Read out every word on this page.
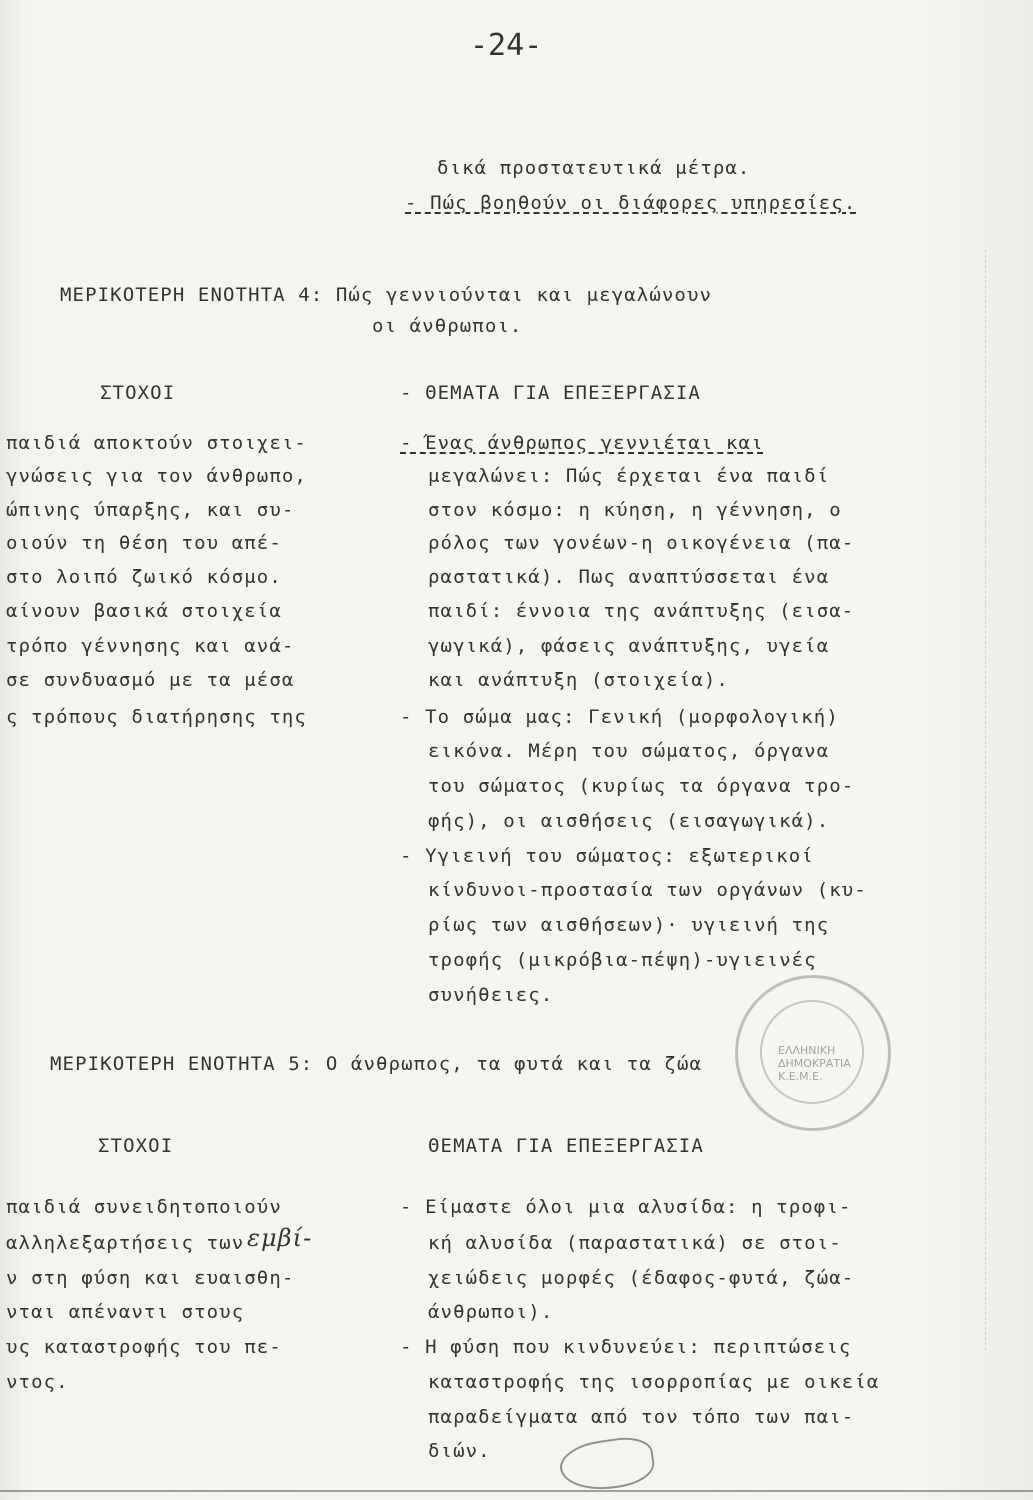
-24-
δικά προστατευτικά μέτρα.
- Πώς βοηθούν οι διάφορες υπηρεσίες.
ΜΕΡΙΚΟΤΕΡΗ ΕΝΟΤΗΤΑ 4: Πώς γεννιούνται και μεγαλώνουν
οι άνθρωποι.
ΣΤΟΧΟΙ	- ΘΕΜΑΤΑ ΓΙΑ ΕΠΕΞΕΡΓΑΣΙΑ
παιδιά αποκτούν στοιχει-
γνώσεις για τον άνθρωπο,
ώπινης ύπαρξης, και συ-
οιούν τη θέση του απέ-
στο λοιπό ζωικό κόσμο.
αίνουν βασικά στοιχεία
τρόπο γέννησης και ανά-
σε συνδυασμό με τα μέσα
ς τρόπους διατήρησης της
- Ένας άνθρωπος γεννιέται και
μεγαλώνει: Πώς έρχεται ένα παιδί
στον κόσμο: η κύηση, η γέννηση, ο
ρόλος των γονέων-η οικογένεια (πα-
ραστατικά). Πως αναπτύσσεται ένα
παιδί: έννοια της ανάπτυξης (εισα-
γωγικά), φάσεις ανάπτυξης, υγεία
και ανάπτυξη (στοιχεία).
- Το σώμα μας: Γενική (μορφολογική)
εικόνα. Μέρη του σώματος, όργανα
του σώματος (κυρίως τα όργανα τρο-
φής), οι αισθήσεις (εισαγωγικά).
- Υγιεινή του σώματος: εξωτερικοί
κίνδυνοι-προστασία των οργάνων (κυ-
ρίως των αισθήσεων)· υγιεινή της
τροφής (μικρόβια-πέψη)-υγιεινές
συνήθειες.
ΜΕΡΙΚΟΤΕΡΗ ΕΝΟΤΗΤΑ 5: Ο άνθρωπος, τα φυτά και τα ζώα
ΣΤΟΧΟΙ	ΘΕΜΑΤΑ ΓΙΑ ΕΠΕΞΕΡΓΑΣΙΑ
παιδιά συνειδητοποιούν
αλληλεξαρτήσεις των εμβί-
ν στη φύση και ευαισθη-
νται απέναντι στους
υς καταστροφής του πε-
ντος.
- Είμαστε όλοι μια αλυσίδα: η τροφι-
κή αλυσίδα (παραστατικά) σε στοι-
χειώδεις μορφές (έδαφος-φυτά, ζώα-
άνθρωποι).
- Η φύση που κινδυνεύει: περιπτώσεις
καταστροφής της ισορροπίας με οικεία
παραδείγματα από τον τόπο των παι-
διών.
ΕΛΛΗΝΙΚΗ ΔΗΜΟΚΡΑΤΙΑ Κ.Ε.Μ.Ε.
